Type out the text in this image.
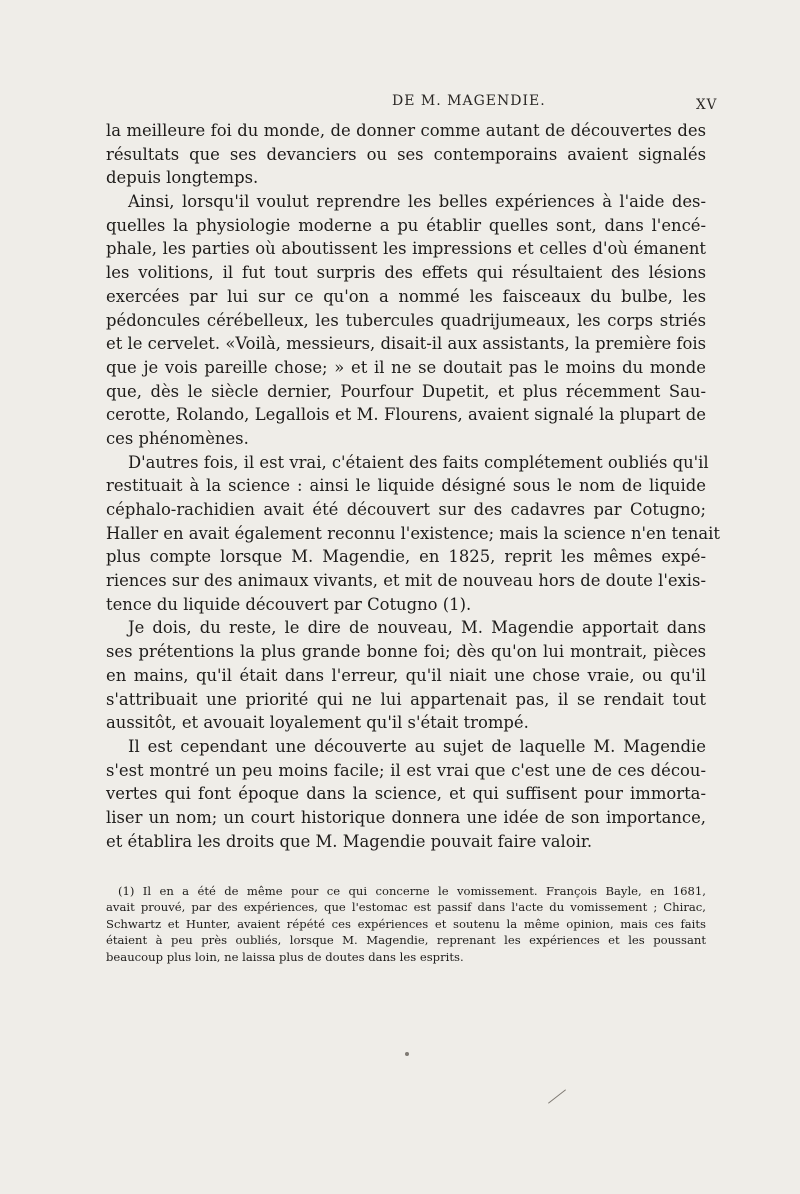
DE M. MAGENDIE.	XV

la meilleure foi du monde, de donner comme autant de découvertes des

résultats que ses devanciers ou ses contemporains avaient signalés

depuis longtemps.

Ainsi, lorsqu'il voulut reprendre les belles expériences à l'aide des-

quelles la physiologie moderne a pu établir quelles sont, dans l'encé-

phale, les parties où aboutissent les impressions et celles d'où émanent

les volitions, il fut tout surpris des effets qui résultaient des lésions

exercées par lui sur ce qu'on a nommé les faisceaux du bulbe, les

pédoncules cérébelleux, les tubercules quadrijumeaux, les corps striés

et le cervelet. «Voilà, messieurs, disait-il aux assistants, la première fois

que je vois pareille chose; » et il ne se doutait pas le moins du monde

que, dès le siècle dernier, Pourfour Dupetit, et plus récemment Sau-

cerotte, Rolando, Legallois et M. Flourens, avaient signalé la plupart de

ces phénomènes.

D'autres fois, il est vrai, c'étaient des faits complétement oubliés qu'il

restituait à la science : ainsi le liquide désigné sous le nom de liquide

céphalo-rachidien avait été découvert sur des cadavres par Cotugno;

Haller en avait également reconnu l'existence; mais la science n'en tenait

plus compte lorsque M. Magendie, en 1825, reprit les mêmes expé-

riences sur des animaux vivants, et mit de nouveau hors de doute l'exis-

tence du liquide découvert par Cotugno (1).

Je dois, du reste, le dire de nouveau, M. Magendie apportait dans

ses prétentions la plus grande bonne foi; dès qu'on lui montrait, pièces

en mains, qu'il était dans l'erreur, qu'il niait une chose vraie, ou qu'il

s'attribuait une priorité qui ne lui appartenait pas, il se rendait tout

aussitôt, et avouait loyalement qu'il s'était trompé.

Il est cependant une découverte au sujet de laquelle M. Magendie

s'est montré un peu moins facile; il est vrai que c'est une de ces décou-

vertes qui font époque dans la science, et qui suffisent pour immorta-

liser un nom; un court historique donnera une idée de son importance,

et établira les droits que M. Magendie pouvait faire valoir.

(1) Il en a été de même pour ce qui concerne le vomissement. François Bayle, en 1681,

avait prouvé, par des expériences, que l'estomac est passif dans l'acte du vomissement ; Chirac,

Schwartz et Hunter, avaient répété ces expériences et soutenu la même opinion, mais ces faits

étaient à peu près oubliés, lorsque M. Magendie, reprenant les expériences et les poussant

beaucoup plus loin, ne laissa plus de doutes dans les esprits.
